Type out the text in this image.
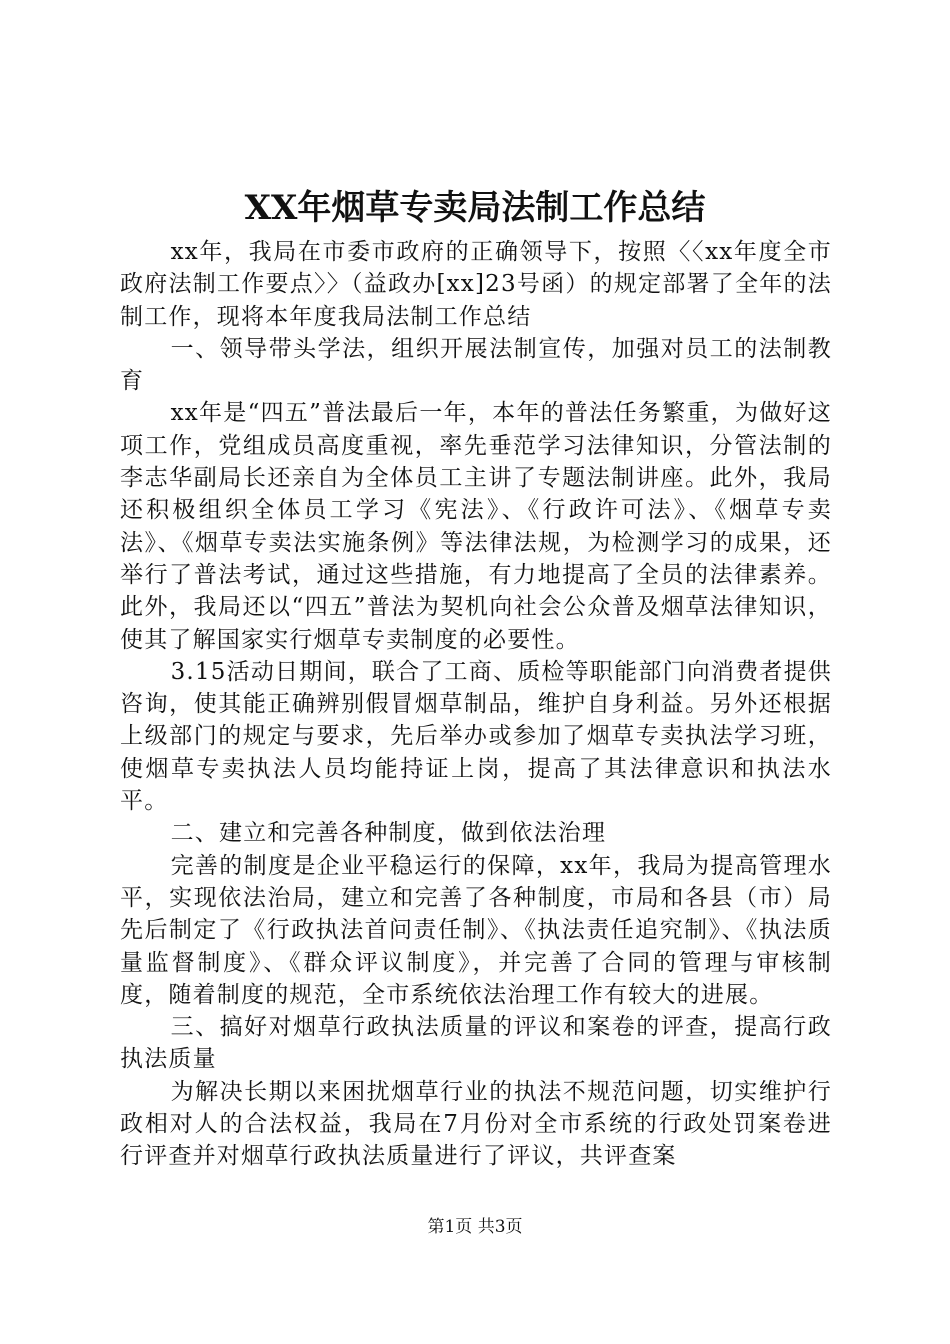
XX年烟草专卖局法制工作总结

xx年，我局在市委市政府的正确领导下，按照〈〈xx年度全市政府法制工作要点〉〉（益政办[xx]23号函）的规定部署了全年的法制工作，现将本年度我局法制工作总结

一、领导带头学法，组织开展法制宣传，加强对员工的法制教育

xx年是“四五”普法最后一年，本年的普法任务繁重，为做好这项工作，党组成员高度重视，率先垂范学习法律知识，分管法制的李志华副局长还亲自为全体员工主讲了专题法制讲座。此外，我局还积极组织全体员工学习《宪法》、《行政许可法》、《烟草专卖法》、《烟草专卖法实施条例》等法律法规，为检测学习的成果，还举行了普法考试，通过这些措施，有力地提高了全员的法律素养。此外，我局还以“四五”普法为契机向社会公众普及烟草法律知识，使其了解国家实行烟草专卖制度的必要性。

3.15活动日期间，联合了工商、质检等职能部门向消费者提供咨询，使其能正确辨别假冒烟草制品，维护自身利益。另外还根据上级部门的规定与要求，先后举办或参加了烟草专卖执法学习班，使烟草专卖执法人员均能持证上岗，提高了其法律意识和执法水平。

二、建立和完善各种制度，做到依法治理

完善的制度是企业平稳运行的保障，xx年，我局为提高管理水平，实现依法治局，建立和完善了各种制度，市局和各县（市）局先后制定了《行政执法首问责任制》、《执法责任追究制》、《执法质量监督制度》、《群众评议制度》，并完善了合同的管理与审核制度，随着制度的规范，全市系统依法治理工作有较大的进展。

三、搞好对烟草行政执法质量的评议和案卷的评查，提高行政执法质量

为解决长期以来困扰烟草行业的执法不规范问题，切实维护行政相对人的合法权益，我局在7月份对全市系统的行政处罚案卷进行评查并对烟草行政执法质量进行了评议，共评查案

第1页 共3页
